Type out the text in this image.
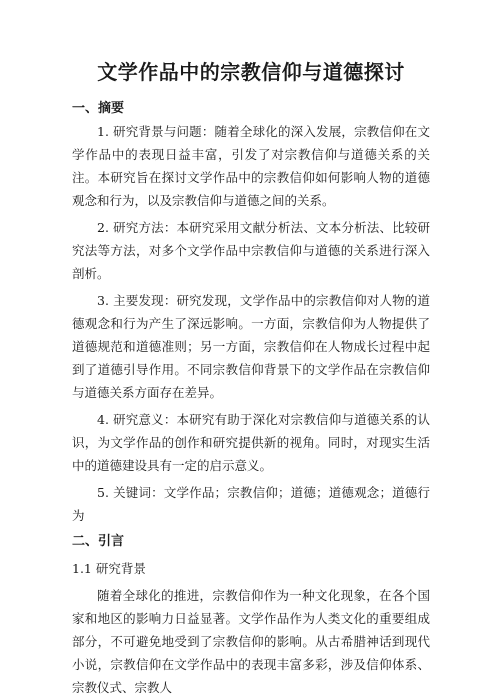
文学作品中的宗教信仰与道德探讨
一、摘要

1. 研究背景与问题：随着全球化的深入发展，宗教信仰在文学作品中的表现日益丰富，引发了对宗教信仰与道德关系的关注。本研究旨在探讨文学作品中的宗教信仰如何影响人物的道德观念和行为，以及宗教信仰与道德之间的关系。

2. 研究方法：本研究采用文献分析法、文本分析法、比较研究法等方法，对多个文学作品中宗教信仰与道德的关系进行深入剖析。

3. 主要发现：研究发现，文学作品中的宗教信仰对人物的道德观念和行为产生了深远影响。一方面，宗教信仰为人物提供了道德规范和道德准则；另一方面，宗教信仰在人物成长过程中起到了道德引导作用。不同宗教信仰背景下的文学作品在宗教信仰与道德关系方面存在差异。

4. 研究意义：本研究有助于深化对宗教信仰与道德关系的认识，为文学作品的创作和研究提供新的视角。同时，对现实生活中的道德建设具有一定的启示意义。

5. 关键词：文学作品；宗教信仰；道德；道德观念；道德行为

二、引言

1.1 研究背景

随着全球化的推进，宗教信仰作为一种文化现象，在各个国家和地区的影响力日益显著。文学作品作为人类文化的重要组成部分，不可避免地受到了宗教信仰的影响。从古希腊神话到现代小说，宗教信仰在文学作品中的表现丰富多彩，涉及信仰体系、宗教仪式、宗教人
